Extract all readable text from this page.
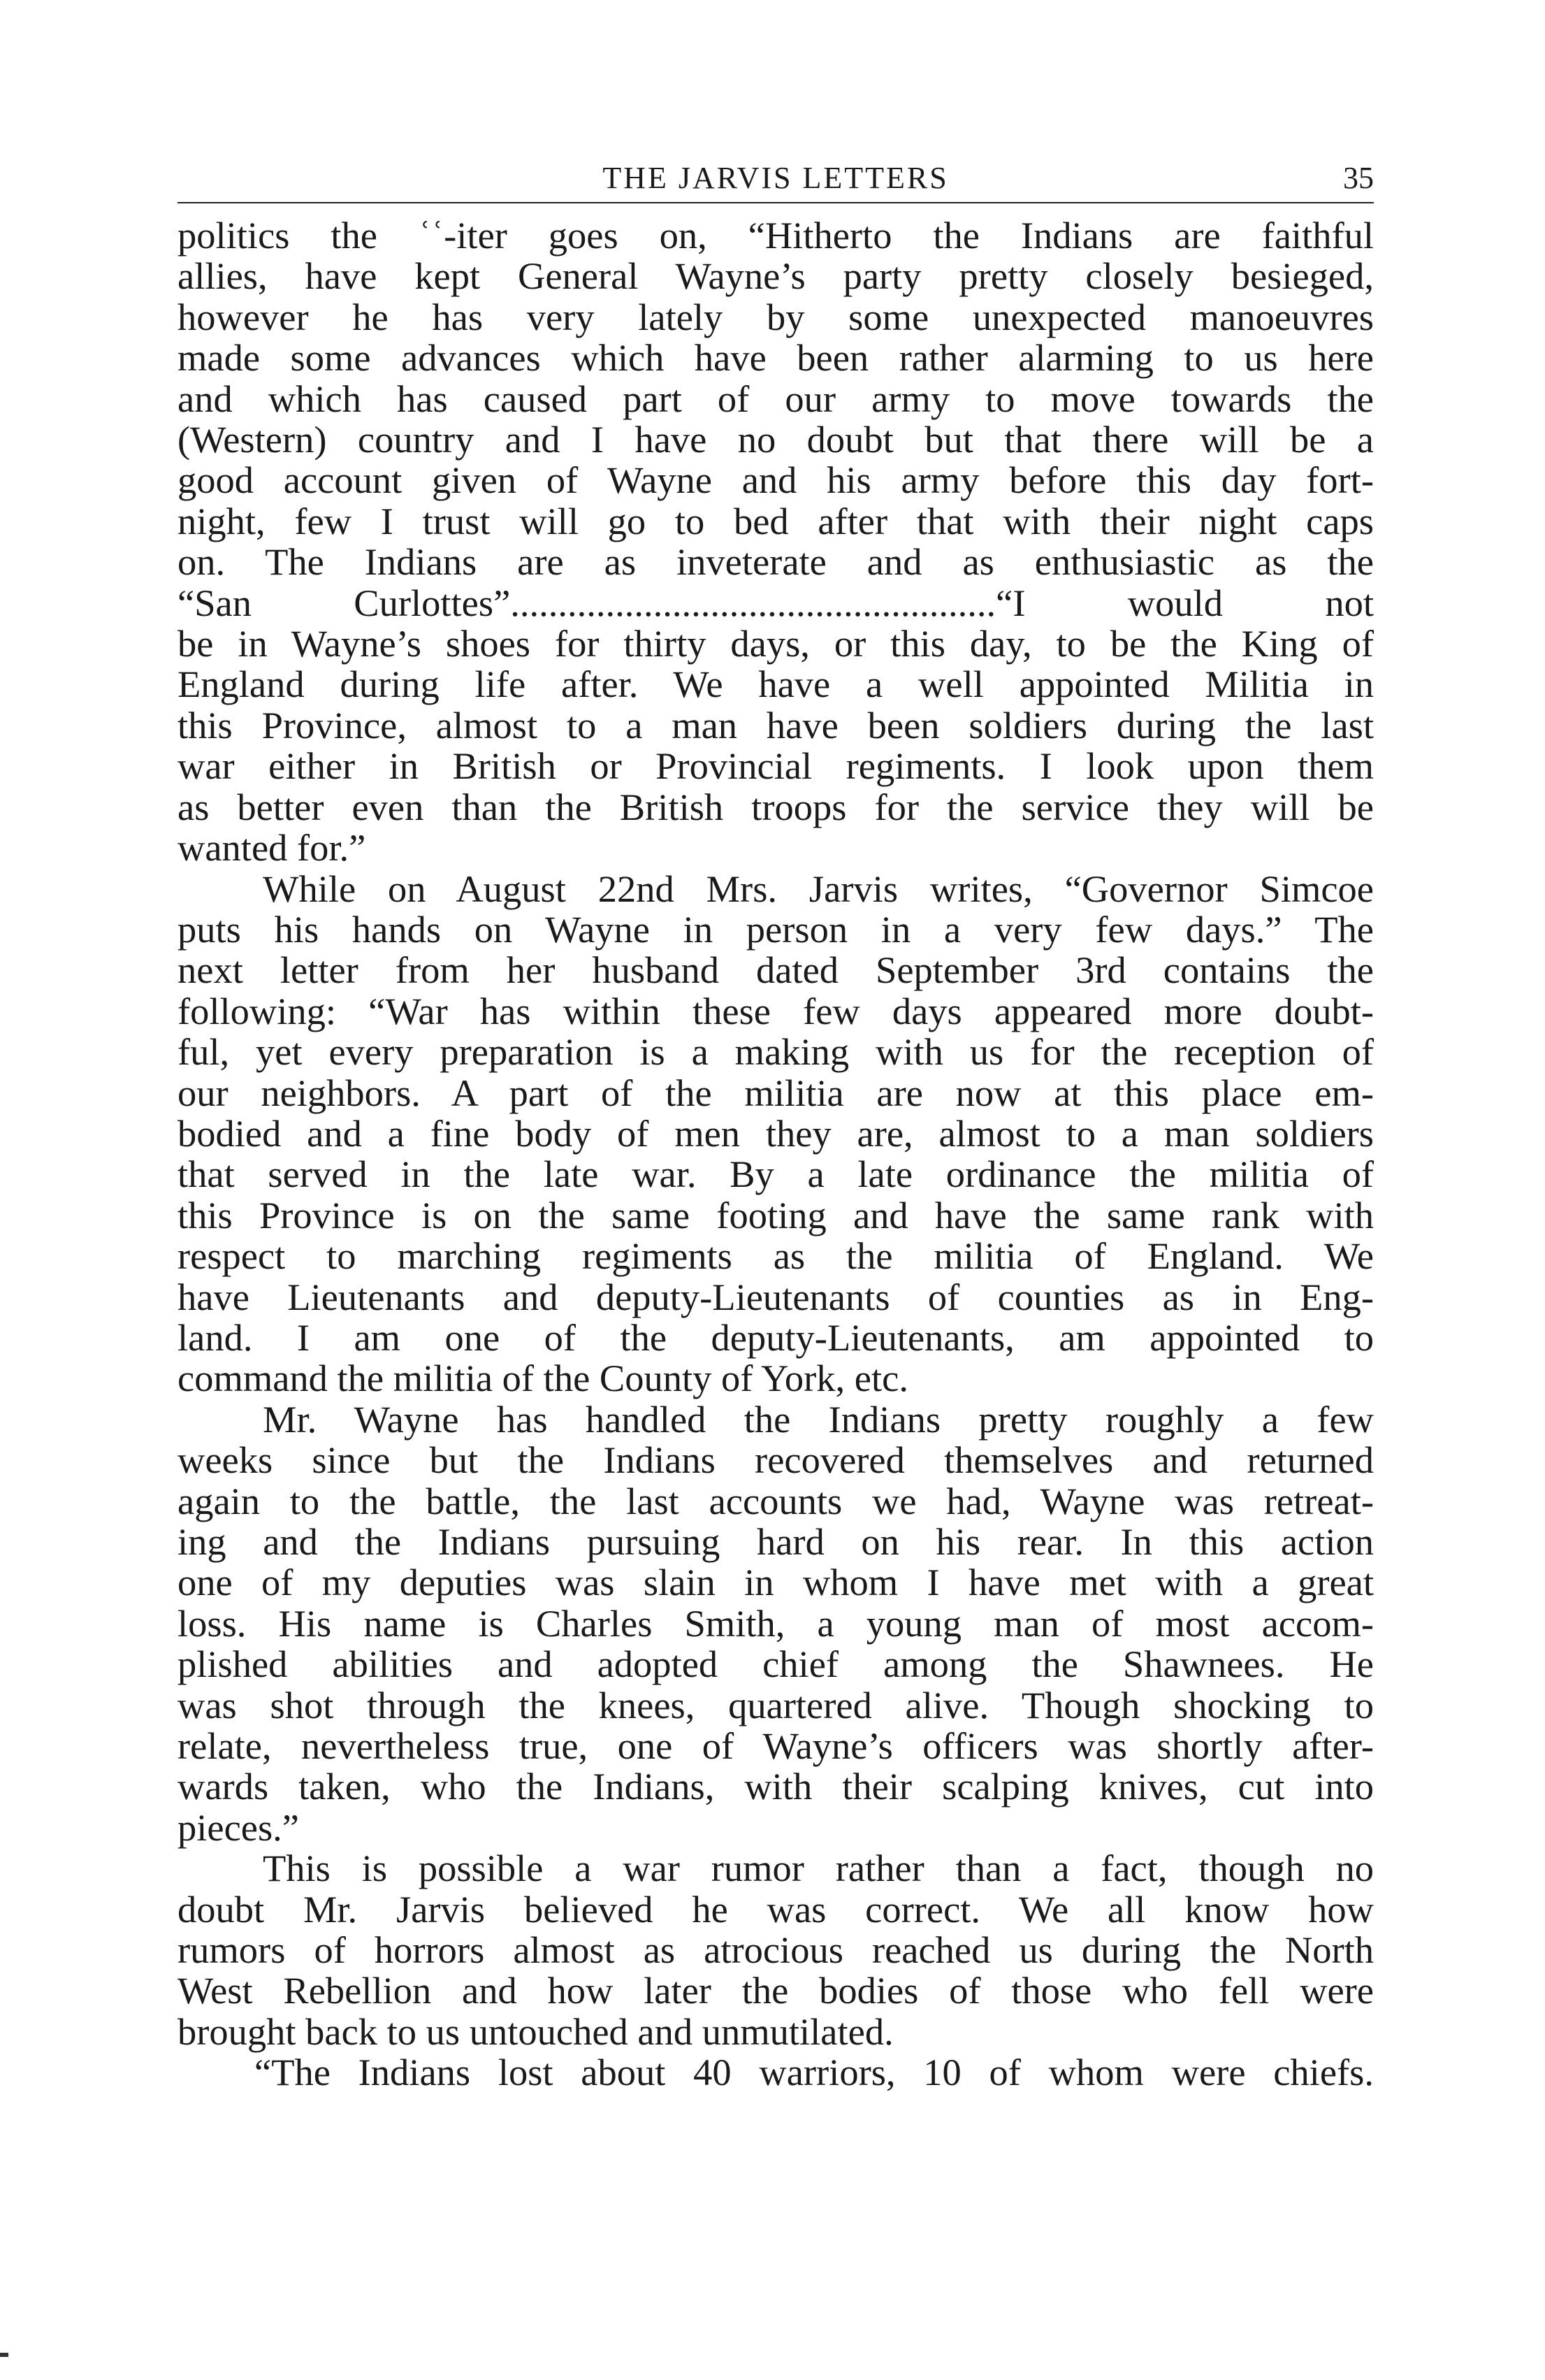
THE JARVIS LETTERS	35
politics the ʿʿ-iter goes on, “Hitherto the Indians are faithful
allies, have kept General Wayne’s party pretty closely besieged,
however he has very lately by some unexpected manoeuvres
made some advances which have been rather alarming to us here
and which has caused part of our army to move towards the
(Western) country and I have no doubt but that there will be a
good account given of Wayne and his army before this day fort-
night, few I trust will go to bed after that with their night caps
on. The Indians are as inveterate and as enthusiastic as the
“San Curlottes”...................................................“I would not
be in Wayne’s shoes for thirty days, or this day, to be the King of
England during life after. We have a well appointed Militia in
this Province, almost to a man have been soldiers during the last
war either in British or Provincial regiments. I look upon them
as better even than the British troops for the service they will be
wanted for.”
While on August 22nd Mrs. Jarvis writes, “Governor Simcoe
puts his hands on Wayne in person in a very few days.” The
next letter from her husband dated September 3rd contains the
following: “War has within these few days appeared more doubt-
ful, yet every preparation is a making with us for the reception of
our neighbors. A part of the militia are now at this place em-
bodied and a fine body of men they are, almost to a man soldiers
that served in the late war. By a late ordinance the militia of
this Province is on the same footing and have the same rank with
respect to marching regiments as the militia of England. We
have Lieutenants and deputy-Lieutenants of counties as in Eng-
land. I am one of the deputy-Lieutenants, am appointed to
command the militia of the County of York, etc.
Mr. Wayne has handled the Indians pretty roughly a few
weeks since but the Indians recovered themselves and returned
again to the battle, the last accounts we had, Wayne was retreat-
ing and the Indians pursuing hard on his rear. In this action
one of my deputies was slain in whom I have met with a great
loss. His name is Charles Smith, a young man of most accom-
plished abilities and adopted chief among the Shawnees. He
was shot through the knees, quartered alive. Though shocking to
relate, nevertheless true, one of Wayne’s officers was shortly after-
wards taken, who the Indians, with their scalping knives, cut into
pieces.”
This is possible a war rumor rather than a fact, though no
doubt Mr. Jarvis believed he was correct. We all know how
rumors of horrors almost as atrocious reached us during the North
West Rebellion and how later the bodies of those who fell were
brought back to us untouched and unmutilated.
“The Indians lost about 40 warriors, 10 of whom were chiefs.
